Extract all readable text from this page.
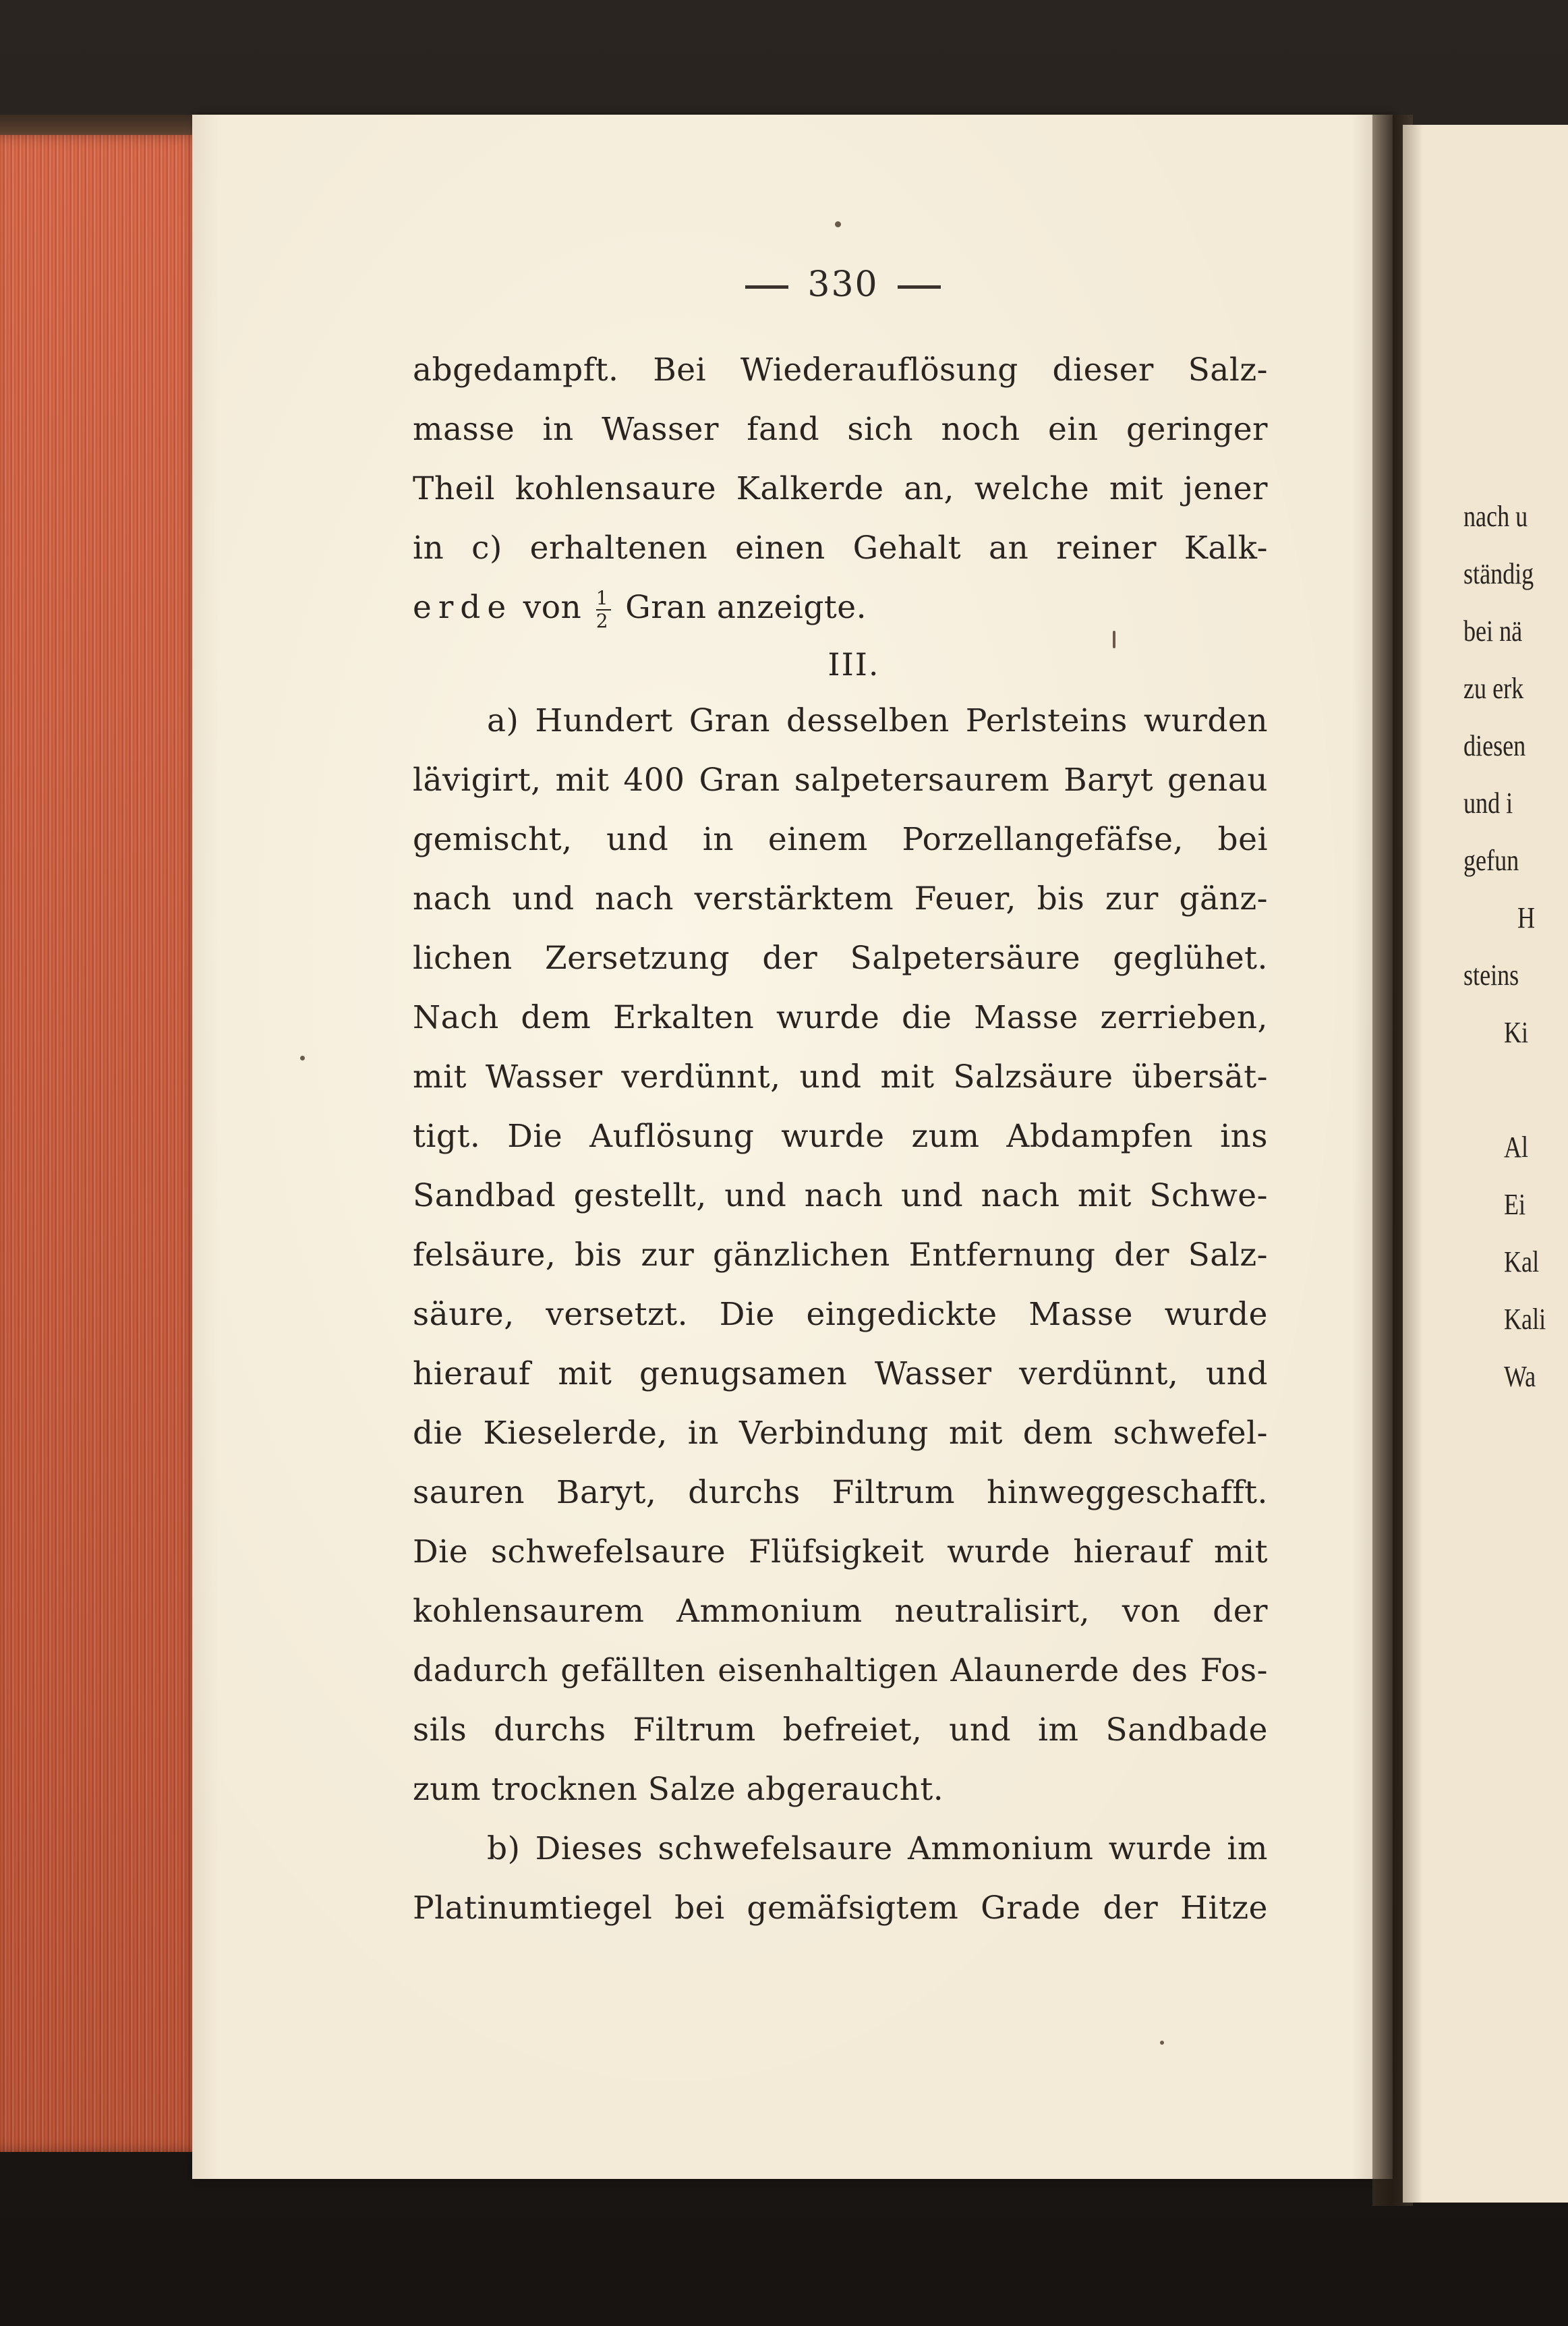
nach u
ständig
bei nä
zu erk
diesen
und i
gefun
H
steins
Ki
Al
Ei
Kal
Kali
Wa
330
abgedampft. Bei Wiederauflösung dieser Salz-
masse in Wasser fand sich noch ein geringer
Theil kohlensaure Kalkerde an, welche mit jener
in c) erhaltenen einen Gehalt an reiner Kalk-
erde von $\frac{1}{2}$ Gran anzeigte.
III.
a) Hundert Gran desselben Perlsteins wurden
lävigirt, mit 400 Gran salpetersaurem Baryt genau
gemischt, und in einem Porzellangefäfse, bei
nach und nach verstärktem Feuer, bis zur gänz-
lichen Zersetzung der Salpetersäure geglühet.
Nach dem Erkalten wurde die Masse zerrieben,
mit Wasser verdünnt, und mit Salzsäure übersät-
tigt. Die Auflösung wurde zum Abdampfen ins
Sandbad gestellt, und nach und nach mit Schwe-
felsäure, bis zur gänzlichen Entfernung der Salz-
säure, versetzt. Die eingedickte Masse wurde
hierauf mit genugsamen Wasser verdünnt, und
die Kieselerde, in Verbindung mit dem schwefel-
sauren Baryt, durchs Filtrum hinweggeschafft.
Die schwefelsaure Flüfsigkeit wurde hierauf mit
kohlensaurem Ammonium neutralisirt, von der
dadurch gefällten eisenhaltigen Alaunerde des Fos-
sils durchs Filtrum befreiet, und im Sandbade
zum trocknen Salze abgeraucht.
b) Dieses schwefelsaure Ammonium wurde im
Platinumtiegel bei gemäfsigtem Grade der Hitze
